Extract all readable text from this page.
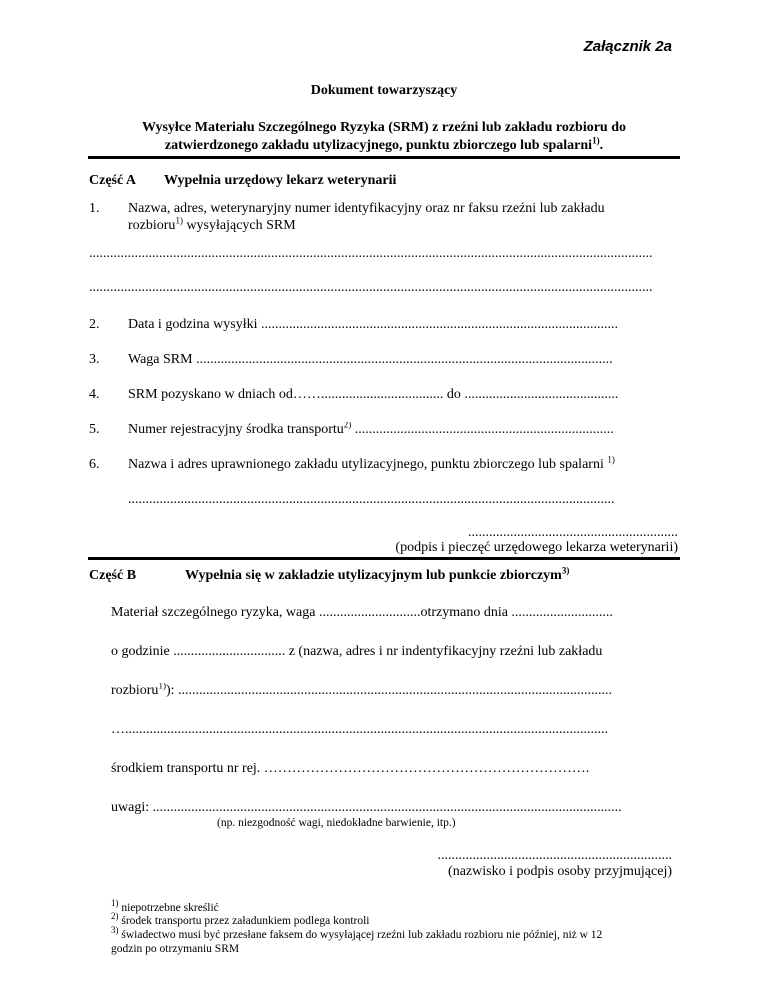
Załącznik 2a
Dokument towarzyszący
Wysyłce Materiału Szczególnego Ryzyka (SRM) z rzeźni lub zakładu rozbioru do
zatwierdzonego zakładu utylizacyjnego, punktu zbiorczego lub spalarni$^{1)}$.
Część A Wypełnia urzędowy lekarz weterynarii
1. Nazwa, adres, weterynaryjny numer identyfikacyjny oraz nr faksu rzeźni lub zakładu
rozbioru$^{1)}$ wysyłających SRM
.................................................................................................................................................................
.................................................................................................................................................................
2. Data i godzina wysyłki ......................................................................................................
3. Waga SRM .......................................................................................................................
4. SRM pozyskano w dniach od……................................... do ............................................
5. Numer rejestracyjny środka transportu$^{2)}$ ..........................................................................
6. Nazwa i adres uprawnionego zakładu utylizacyjnego, punktu zbiorczego lub spalarni $^{1)}$
...........................................................................................................................................
............................................................
(podpis i pieczęć urzędowego lekarza weterynarii)
Część B	Wypełnia się w zakładzie utylizacyjnym lub punkcie zbiorczym$^{3)}$
Materiał szczególnego ryzyka, waga .............................otrzymano dnia .............................
o godzinie ................................ z (nazwa, adres i nr indentyfikacyjny rzeźni lub zakładu
rozbioru$^{1)}$): ............................................................................................................................
…..........................................................................................................................................
środkiem transportu nr rej. …………………………………………………………….
uwagi: ......................................................................................................................................
(np. niezgodność wagi, niedokładne barwienie, itp.)
...................................................................
(nazwisko i podpis osoby przyjmującej)
$^{1)}$ niepotrzebne skreślić
$^{2)}$ środek transportu przez załadunkiem podlega kontroli
$^{3)}$ świadectwo musi być przesłane faksem do wysyłającej rzeźni lub zakładu rozbioru nie później, niż w 12
godzin po otrzymaniu SRM
